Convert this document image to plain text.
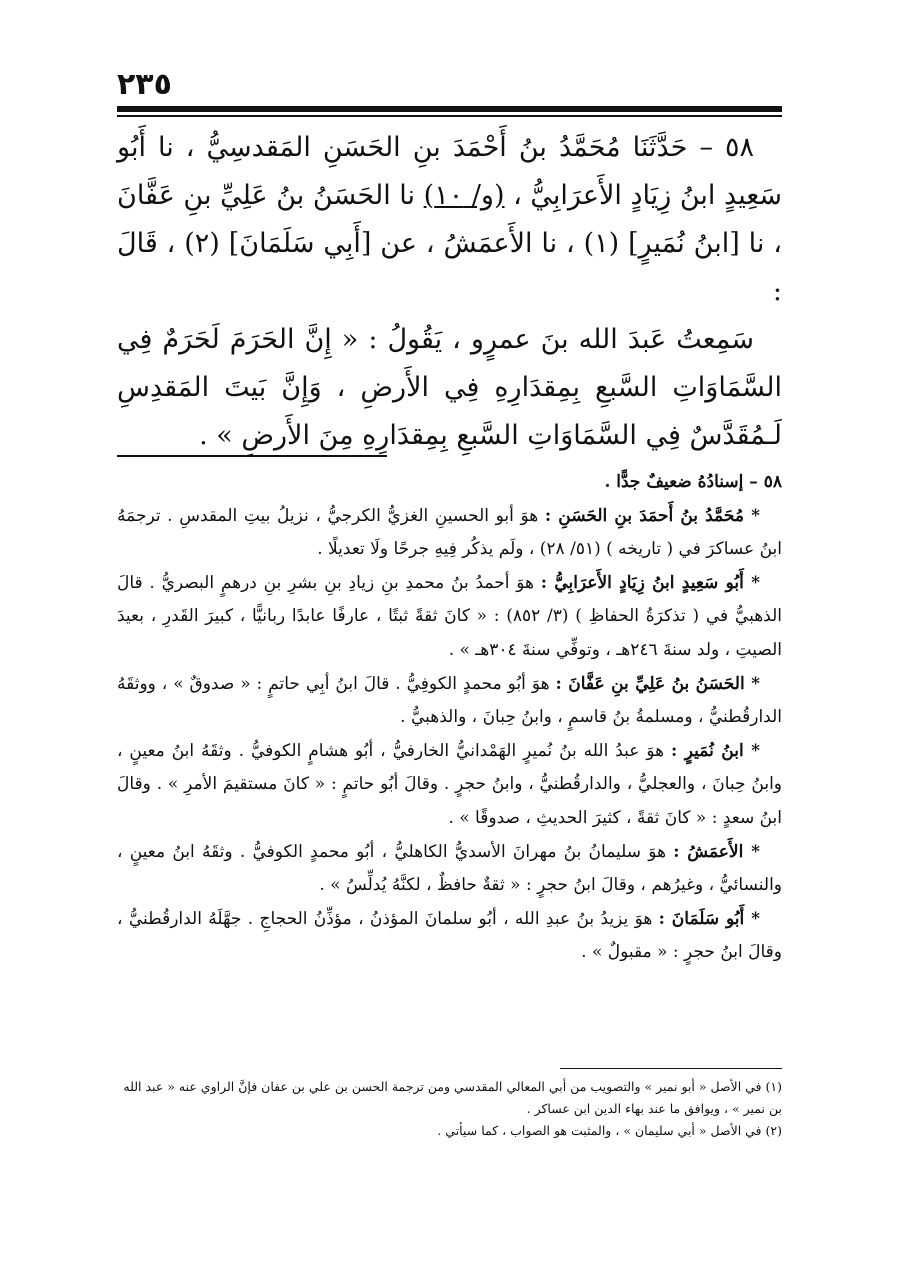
٢٣٥

٥٨ – حَدَّثَنَا مُحَمَّدُ بنُ أَحْمَدَ بنِ الحَسَنِ المَقدسِيُّ ، نا أَبُو سَعِيدٍ ابنُ زِيَادٍ الأَعرَابِيُّ ، (و/ ١٠) نا الحَسَنُ بنُ عَلِيِّ بنِ عَفَّانَ ، نا [ابنُ نُمَيرٍ] (١) ، نا الأَعمَشُ ، عن [أَبِي سَلَمَانَ] (٢) ، قَالَ :

سَمِعتُ عَبدَ الله بنَ عمرٍو ، يَقُولُ : « إِنَّ الحَرَمَ لَحَرَمٌ فِي السَّمَاوَاتِ السَّبعِ بِمِقدَارِهِ فِي الأَرضِ ، وَإِنَّ بَيتَ المَقدِسِ لَـمُقَدَّسٌ فِي السَّمَاوَاتِ السَّبعِ بِمِقدَارِهِ مِنَ الأَرضِ » .

٥٨ – إسنادُهُ ضعيفٌ جدًّا .

* مُحَمَّدُ بنُ أَحمَدَ بنِ الحَسَنِ : هوَ أبو الحسينِ الغزيُّ الكرجيُّ ، نزيلُ بيتِ المقدسِ . ترجمَهُ ابنُ عساكرَ في ( تاريخه ) (٥١/ ٢٨) ، ولَم يذكُر فِيهِ جرحًا ولَا تعديلًا .

* أَبُو سَعِيدٍ ابنُ زِيَادٍ الأَعرَابِيُّ : هوَ أحمدُ بنُ محمدِ بنِ زيادِ بنِ بشرِ بنِ درهمٍ البصريُّ . قالَ الذهبيُّ في ( تذكرَةُ الحفاظِ ) (٣/ ٨٥٢) : « كانَ ثقةً ثبتًا ، عارفًا عابدًا ربانيًّا ، كبيرَ القَدرِ ، بعيدَ الصيتِ ، ولد سنةَ ٢٤٦هـ ، وتوفِّي سنةَ ٣٠٤هـ » .

* الحَسَنُ بنُ عَلِيِّ بنِ عَفَّانَ : هوَ أبُو محمدٍ الكوفِيُّ . قالَ ابنُ أبِي حاتمٍ : « صدوقٌ » ، ووثقَهُ الدارقُطنيُّ ، ومسلمةُ بنُ قاسمٍ ، وابنُ حِبانَ ، والذهبيُّ .

* ابنُ نُمَيرٍ : هوَ عبدُ الله بنُ نُميرٍ الهَمْدانيُّ الخارفيُّ ، أبُو هشامٍ الكوفيُّ . وثقَهُ ابنُ معينٍ ، وابنُ حِبانَ ، والعجليُّ ، والدارقُطنيُّ ، وابنُ حجرٍ . وقالَ أبُو حاتمٍ : « كانَ مستقيمَ الأمرِ » . وقالَ ابنُ سعدٍ : « كانَ ثقةً ، كثيرَ الحديثِ ، صدوقًا » .

* الأَعمَشُ : هوَ سليمانُ بنُ مهرانَ الأسديُّ الكاهليُّ ، أبُو محمدٍ الكوفيُّ . وثقَهُ ابنُ معينٍ ، والنسائيُّ ، وغيرُهم ، وقالَ ابنُ حجرٍ : « ثقةٌ حافظٌ ، لكنَّهُ يُدلِّسُ » .

* أَبُو سَلَمَانَ : هوَ يزيدُ بنُ عبدِ الله ، أبُو سلمانَ المؤذنُ ، مؤذِّنُ الحجاجِ . جهَّلَهُ الدارقُطنيُّ ، وقالَ ابنُ حجرٍ : « مقبولٌ » .

(١) في الأصل « أبو نمير » والتصويب من أبي المعالي المقدسي ومن ترجمة الحسن بن علي بن عفان فإنَّ الراوي عنه « عبد الله بن نمير » ، ويوافق ما عند بهاء الدين ابن عساكر .

(٢) في الأصل « أبي سليمان » ، والمثبت هو الصواب ، كما سيأتي .
